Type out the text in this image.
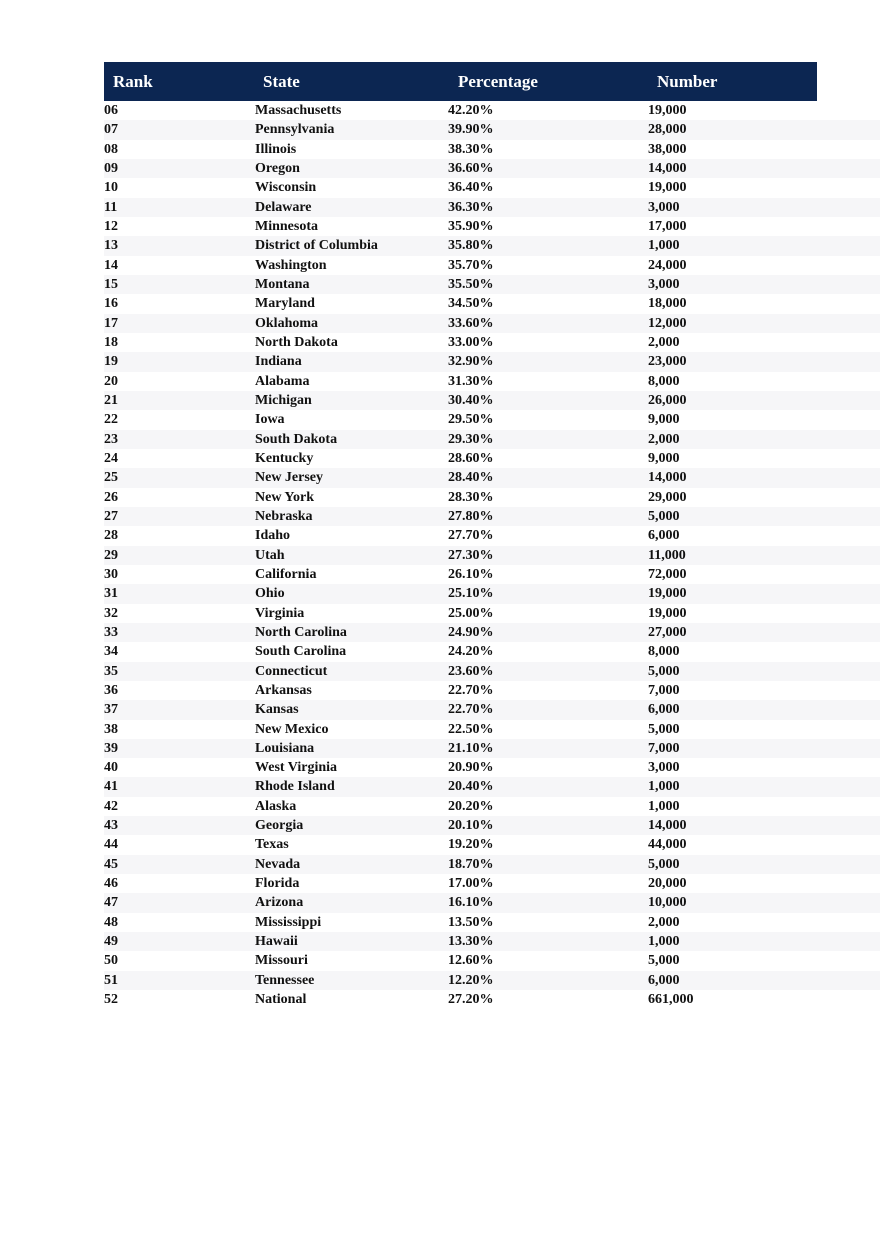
Rank	State	Percentage	Number
06	Massachusetts	42.20%	19,000
07	Pennsylvania	39.90%	28,000
08	Illinois	38.30%	38,000
09	Oregon	36.60%	14,000
10	Wisconsin	36.40%	19,000
11	Delaware	36.30%	3,000
12	Minnesota	35.90%	17,000
13	District of Columbia	35.80%	1,000
14	Washington	35.70%	24,000
15	Montana	35.50%	3,000
16	Maryland	34.50%	18,000
17	Oklahoma	33.60%	12,000
18	North Dakota	33.00%	2,000
19	Indiana	32.90%	23,000
20	Alabama	31.30%	8,000
21	Michigan	30.40%	26,000
22	Iowa	29.50%	9,000
23	South Dakota	29.30%	2,000
24	Kentucky	28.60%	9,000
25	New Jersey	28.40%	14,000
26	New York	28.30%	29,000
27	Nebraska	27.80%	5,000
28	Idaho	27.70%	6,000
29	Utah	27.30%	11,000
30	California	26.10%	72,000
31	Ohio	25.10%	19,000
32	Virginia	25.00%	19,000
33	North Carolina	24.90%	27,000
34	South Carolina	24.20%	8,000
35	Connecticut	23.60%	5,000
36	Arkansas	22.70%	7,000
37	Kansas	22.70%	6,000
38	New Mexico	22.50%	5,000
39	Louisiana	21.10%	7,000
40	West Virginia	20.90%	3,000
41	Rhode Island	20.40%	1,000
42	Alaska	20.20%	1,000
43	Georgia	20.10%	14,000
44	Texas	19.20%	44,000
45	Nevada	18.70%	5,000
46	Florida	17.00%	20,000
47	Arizona	16.10%	10,000
48	Mississippi	13.50%	2,000
49	Hawaii	13.30%	1,000
50	Missouri	12.60%	5,000
51	Tennessee	12.20%	6,000
52	National	27.20%	661,000
